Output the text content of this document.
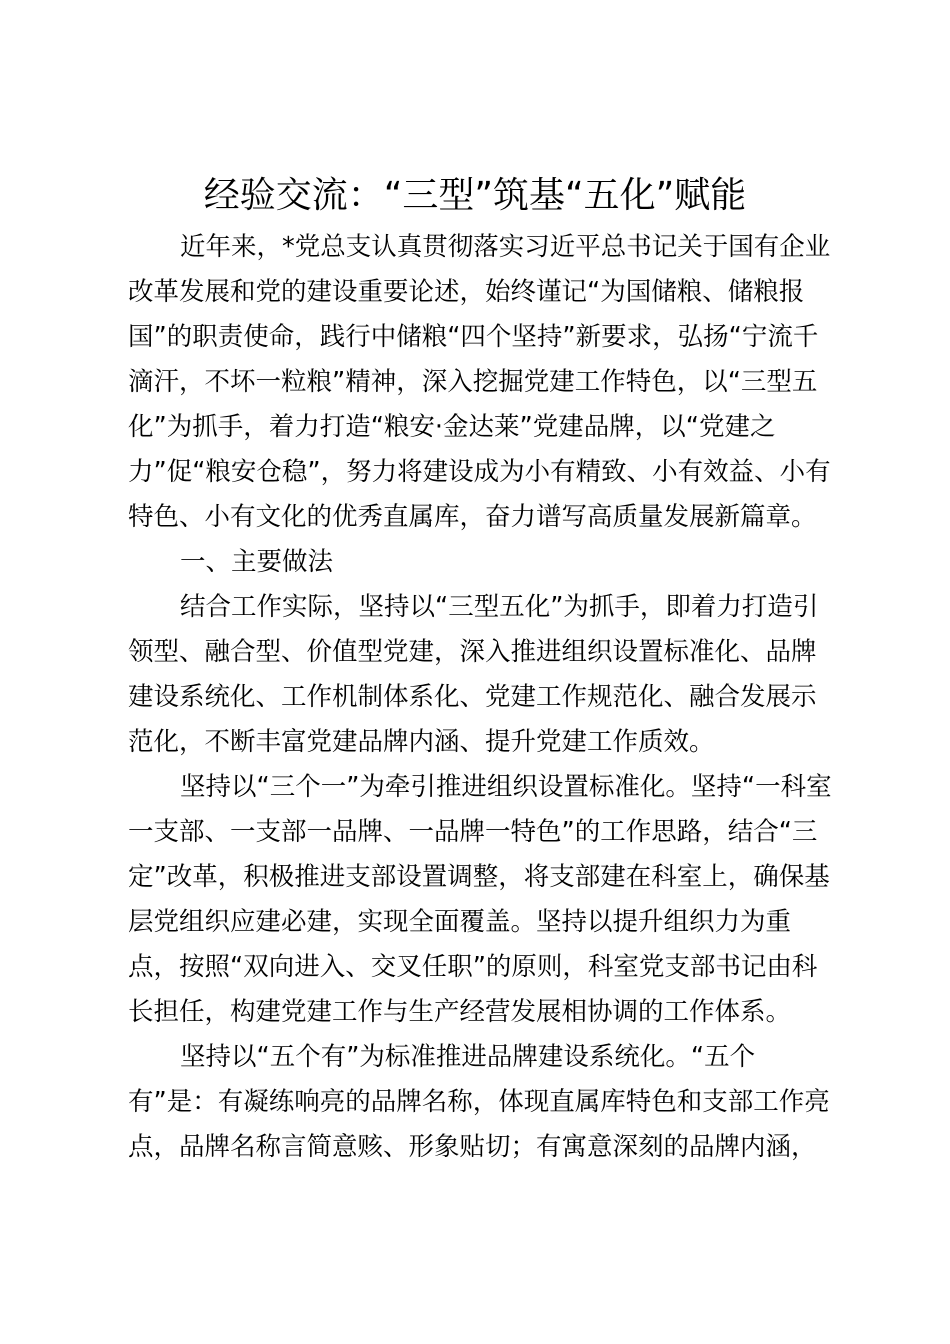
经验交流：“三型”筑基“五化”赋能
近年来，*党总支认真贯彻落实习近平总书记关于国有企业
改革发展和党的建设重要论述，始终谨记“为国储粮、储粮报
国”的职责使命，践行中储粮“四个坚持”新要求，弘扬“宁流千
滴汗，不坏一粒粮”精神，深入挖掘党建工作特色，以“三型五
化”为抓手，着力打造“粮安·金达莱”党建品牌，以“党建之
力”促“粮安仓稳”，努力将建设成为小有精致、小有效益、小有
特色、小有文化的优秀直属库，奋力谱写高质量发展新篇章。
一、主要做法
结合工作实际，坚持以“三型五化”为抓手，即着力打造引
领型、融合型、价值型党建，深入推进组织设置标准化、品牌
建设系统化、工作机制体系化、党建工作规范化、融合发展示
范化，不断丰富党建品牌内涵、提升党建工作质效。
坚持以“三个一”为牵引推进组织设置标准化。坚持“一科室
一支部、一支部一品牌、一品牌一特色”的工作思路，结合“三
定”改革，积极推进支部设置调整，将支部建在科室上，确保基
层党组织应建必建，实现全面覆盖。坚持以提升组织力为重
点，按照“双向进入、交叉任职”的原则，科室党支部书记由科
长担任，构建党建工作与生产经营发展相协调的工作体系。
坚持以“五个有”为标准推进品牌建设系统化。“五个
有”是：有凝练响亮的品牌名称，体现直属库特色和支部工作亮
点，品牌名称言简意赅、形象贴切；有寓意深刻的品牌内涵，
